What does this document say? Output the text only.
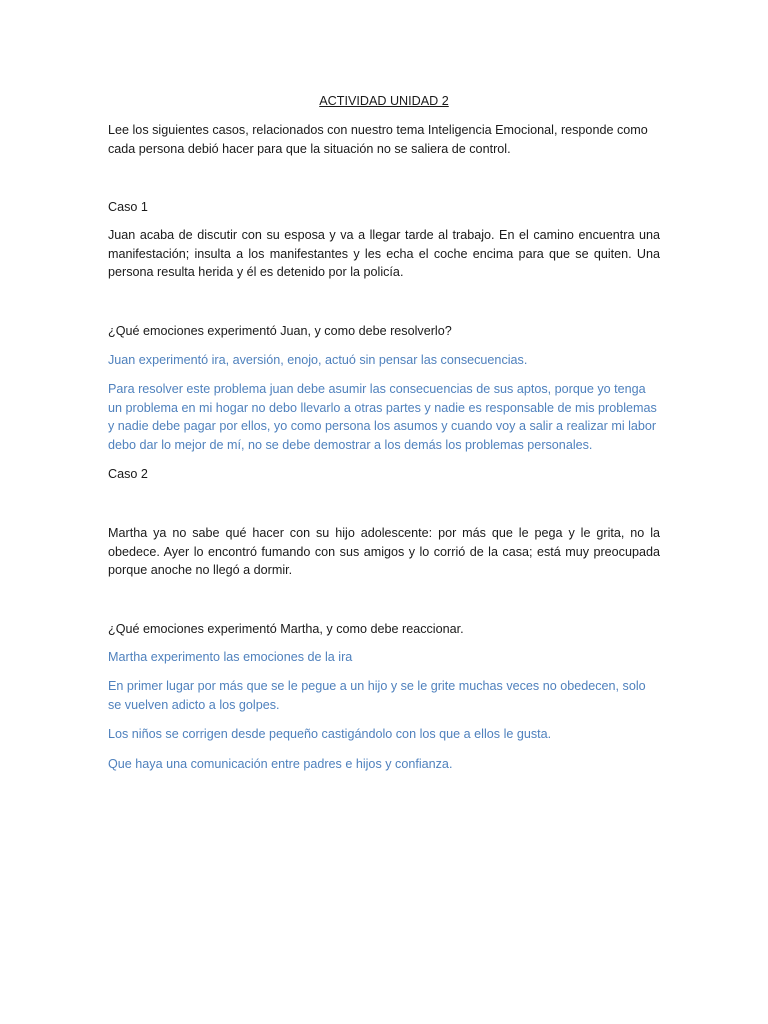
ACTIVIDAD UNIDAD 2

Lee los siguientes casos, relacionados con nuestro tema Inteligencia Emocional, responde como cada persona debió hacer para que la situación no se saliera de control.

Caso 1

Juan acaba de discutir con su esposa y va a llegar tarde al trabajo. En el camino encuentra una manifestación; insulta a los manifestantes y les echa el coche encima para que se quiten. Una persona resulta herida y él es detenido por la policía.

¿Qué emociones experimentó Juan, y como debe resolverlo?

Juan experimentó ira, aversión, enojo, actuó sin pensar las consecuencias.

Para resolver este problema juan debe asumir las consecuencias de sus aptos, porque yo tenga un problema en mi hogar no debo llevarlo a otras partes y nadie es responsable de mis problemas y nadie debe pagar por ellos, yo como persona los asumos y cuando voy a salir a realizar mi labor debo dar lo mejor de mí, no se debe demostrar a los demás los problemas personales.

Caso 2

Martha ya no sabe qué hacer con su hijo adolescente: por más que le pega y le grita, no la obedece. Ayer lo encontró fumando con sus amigos y lo corrió de la casa; está muy preocupada porque anoche no llegó a dormir.

¿Qué emociones experimentó Martha, y como debe reaccionar.

Martha experimento las emociones de la ira

En primer lugar por más que se le pegue a un hijo y se le grite muchas veces no obedecen, solo se vuelven adicto a los golpes.

Los niños se corrigen desde pequeño castigándolo con los que a ellos le gusta.

Que haya una comunicación entre padres e hijos y confianza.
